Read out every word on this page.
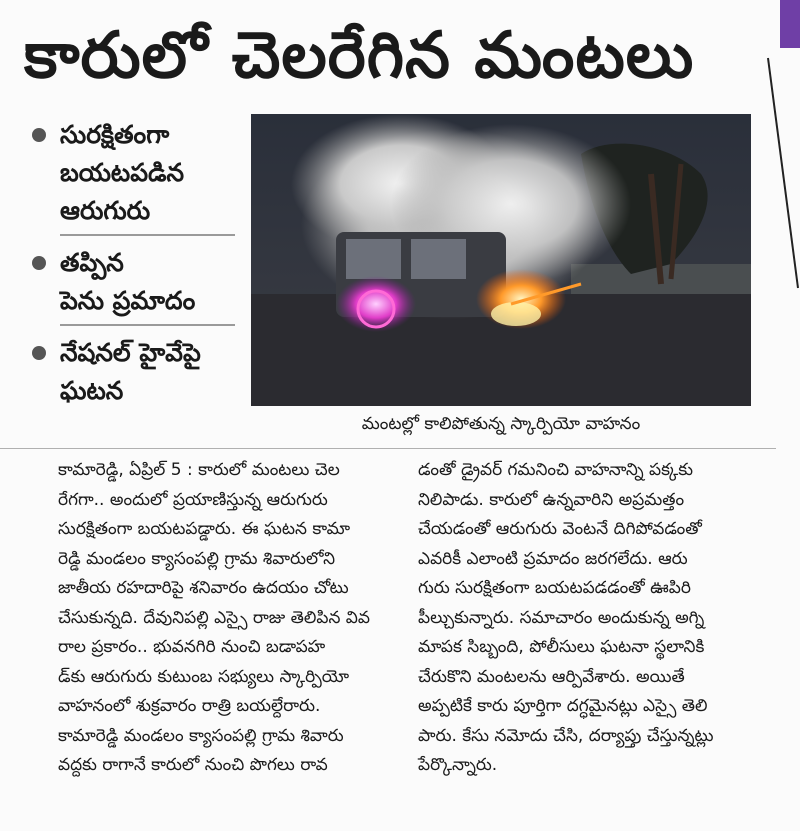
కారులో చెలరేగిన మంటలు
సురక్షితంగా
బయటపడిన
ఆరుగురు
తప్పిన
పెను ప్రమాదం
నేషనల్ హైవేపై
ఘటన
మంటల్లో కాలిపోతున్న స్కార్పియో వాహనం

కామారెడ్డి, ఏప్రిల్ 5 : కారులో మంటలు చెల

రేగగా.. అందులో ప్రయాణిస్తున్న ఆరుగురు

సురక్షితంగా బయటపడ్డారు. ఈ ఘటన కామా

రెడ్డి మండలం క్యాసంపల్లి గ్రామ శివారులోని

జాతీయ రహదారిపై శనివారం ఉదయం చోటు

చేసుకున్నది. దేవునిపల్లి ఎస్సై రాజు తెలిపిన వివ

రాల ప్రకారం.. భువనగిరి నుంచి బడాపహ

డ్‌కు ఆరుగురు కుటుంబ సభ్యులు స్కార్పియో

వాహనంలో శుక్రవారం రాత్రి బయల్దేరారు.

కామారెడ్డి మండలం క్యాసంపల్లి గ్రామ శివారు

వద్దకు రాగానే కారులో నుంచి పొగలు రావ

డంతో డ్రైవర్ గమనించి వాహనాన్ని పక్కకు

నిలిపాడు. కారులో ఉన్నవారిని అప్రమత్తం

చేయడంతో ఆరుగురు వెంటనే దిగిపోవడంతో

ఎవరికీ ఎలాంటి ప్రమాదం జరగలేదు. ఆరు

గురు సురక్షితంగా బయటపడడంతో ఊపిరి

పీల్చుకున్నారు. సమాచారం అందుకున్న అగ్ని

మాపక సిబ్బంది, పోలీసులు ఘటనా స్థలానికి

చేరుకొని మంటలను ఆర్పివేశారు. అయితే

అప్పటికే కారు పూర్తిగా దగ్ధమైనట్లు ఎస్సై తెలి

పారు. కేసు నమోదు చేసి, దర్యాప్తు చేస్తున్నట్లు

పేర్కొన్నారు.
